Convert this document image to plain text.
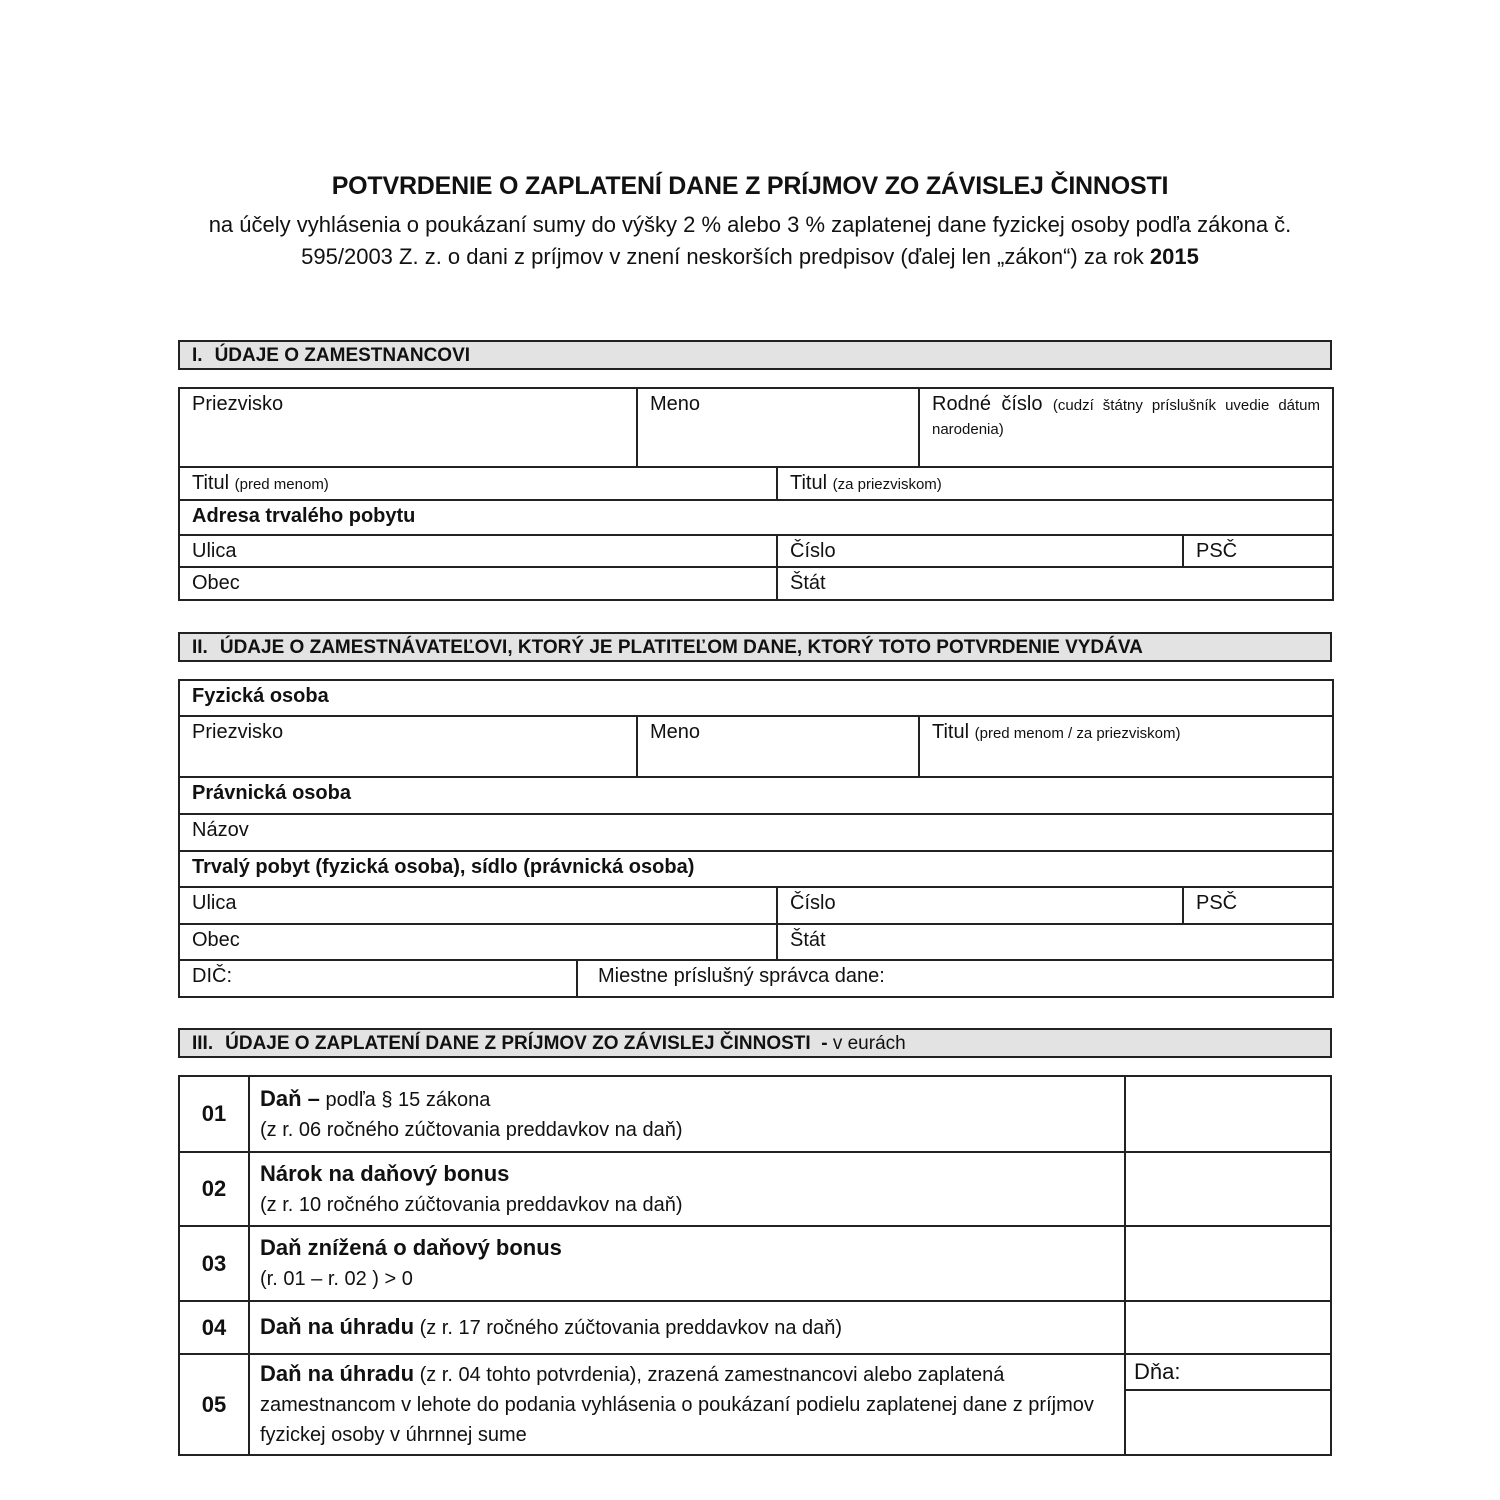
POTVRDENIE O ZAPLATENÍ DANE Z PRÍJMOV ZO ZÁVISLEJ ČINNOSTI
na účely vyhlásenia o poukázaní sumy do výšky 2 % alebo 3 % zaplatenej dane fyzickej osoby podľa zákona č.
595/2003 Z. z. o dani z príjmov v znení neskorších predpisov (ďalej len „zákon“) za rok 2015
I. ÚDAJE O ZAMESTNANCOVI
Priezvisko	Meno		Rodné číslo (cudzí štátny príslušník uvedie dátum narodenia)	
Titul (pred menom)		Titul (za priezviskom)		
Adresa trvalého pobytu				
Ulica		Číslo		PSČ
Obec		Štát		
II. ÚDAJE O ZAMESTNÁVATEĽOVI, KTORÝ JE PLATITEĽOM DANE, KTORÝ TOTO POTVRDENIE VYDÁVA
Fyzická osoba					
Priezvisko		Meno		Titul (pred menom / za priezviskom)	
Právnická osoba					
Názov					
Trvalý pobyt (fyzická osoba), sídlo (právnická osoba)					
Ulica			Číslo		PSČ
Obec			Štát		
DIČ:	Miestne príslušný správca dane:				
III. ÚDAJE O ZAPLATENÍ DANE Z PRÍJMOV ZO ZÁVISLEJ ČINNOSTI - v eurách
01	Daň – podľa § 15 zákona
(z r. 06 ročného zúčtovania preddavkov na daň)	
02	Nárok na daňový bonus
(z r. 10 ročného zúčtovania preddavkov na daň)	
03	Daň znížená o daňový bonus
(r. 01 – r. 02 ) > 0	
04	Daň na úhradu (z r. 17 ročného zúčtovania preddavkov na daň)	
05	Daň na úhradu (z r. 04 tohto potvrdenia), zrazená zamestnancovi alebo zaplatená zamestnancom v lehote do podania vyhlásenia o poukázaní podielu zaplatenej dane z príjmov fyzickej osoby v úhrnnej sume	Dňa:
